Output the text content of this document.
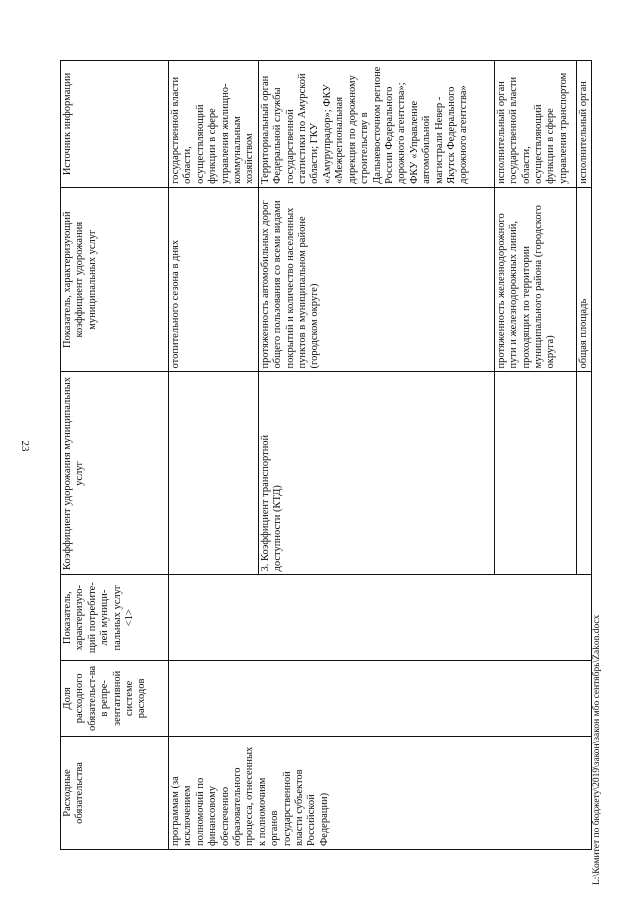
23
Расходные обязательства	Доля расходного обязательст-ва в репре-зентативной системе расходов	Показатель, характеризую-щий потребите-лей муници-пальных услуг <1>	Коэффициент удорожания муниципальных услуг	Показатель, характеризующий коэффициент удорожания муниципальных услуг	Источник информации
программам (за исключением полномочий по финансовому обеспечению образовательного процесса, отнесенных к полномочиям органов государственной власти субъектов Российской Федерации)				отопительного сезона в днях	государственной власти области, осуществляющий функции в сфере управления жилищно-коммунальным хозяйством
			3. Коэффициент транспортной доступности (КТД)	протяженность автомобильных дорог общего пользования со всеми видами покрытий и количество населенных пунктов в муниципальном районе (городском округе)	Территориальный орган Федеральной службы государственной статистики по Амурской области; ГКУ «Амурупрадор»; ФКУ «Межрегиональная дирекция по дорожному строительству в Дальневосточном регионе России Федерального дорожного агентства»; ФКУ «Управление автомобильной магистрали Невер - Якутск Федерального дорожного агентства»
				протяженность железнодорожного пути и железнодорожных линий, проходящих по территории муниципального района (городского округа)	исполнительный орган государственной власти области, осуществляющий функции в сфере управления транспортом
				общая площадь	исполнительный орган
L:\Комитет по бюджету\2019\закон\закон мбо сентябрь\Zakon.docx
